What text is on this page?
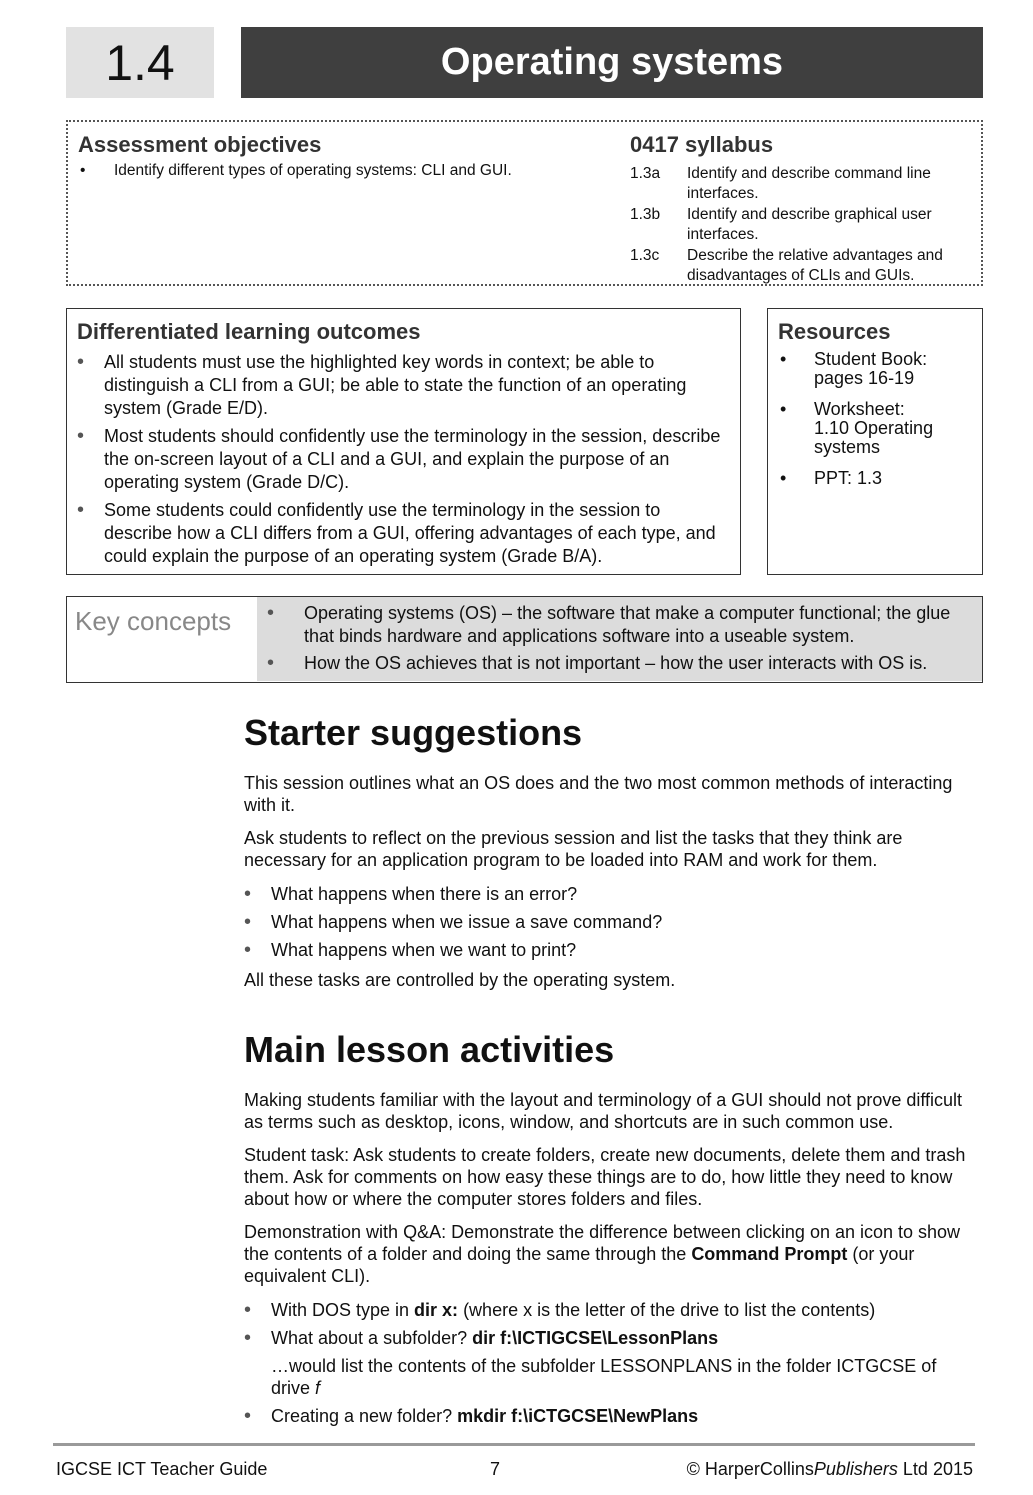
1.4	Operating systems
Assessment objectives
•	Identify different types of operating systems: CLI and GUI.
0417 syllabus
1.3a	Identify and describe command line interfaces.
1.3b	Identify and describe graphical user interfaces.
1.3c	Describe the relative advantages and disadvantages of CLIs and GUIs.
Differentiated learning outcomes
•	All students must use the highlighted key words in context; be able to distinguish a CLI from a GUI; be able to state the function of an operating system (Grade E/D).
•	Most students should confidently use the terminology in the session, describe the on-screen layout of a CLI and a GUI, and explain the purpose of an operating system (Grade D/C).
•	Some students could confidently use the terminology in the session to describe how a CLI differs from a GUI, offering advantages of each type, and could explain the purpose of an operating system (Grade B/A).
Resources
•	Student Book:
pages 16-19
•	Worksheet:
1.10 Operating
systems
•	PPT: 1.3
Key concepts	•	Operating systems (OS) – the software that make a computer functional; the glue that binds hardware and applications software into a useable system.
•	How the OS achieves that is not important – how the user interacts with OS is.
Starter suggestions

This session outlines what an OS does and the two most common methods of interacting with it.

Ask students to reflect on the previous session and list the tasks that they think are necessary for an application program to be loaded into RAM and work for them.

•	What happens when there is an error?
•	What happens when we issue a save command?
•	What happens when we want to print?

All these tasks are controlled by the operating system.

Main lesson activities

Making students familiar with the layout and terminology of a GUI should not prove difficult as terms such as desktop, icons, window, and shortcuts are in such common use.

Student task: Ask students to create folders, create new documents, delete them and trash them. Ask for comments on how easy these things are to do, how little they need to know about how or where the computer stores folders and files.

Demonstration with Q&A: Demonstrate the difference between clicking on an icon to show the contents of a folder and doing the same through the Command Prompt (or your equivalent CLI).

•	With DOS type in dir x: (where x is the letter of the drive to list the contents)
•	What about a subfolder? dir f:\ICTIGCSE\LessonPlans
…would list the contents of the subfolder LESSONPLANS in the folder ICTGCSE of drive f
•	Creating a new folder? mkdir f:\iCTGCSE\NewPlans
IGCSE ICT Teacher Guide	7	© HarperCollinsPublishers Ltd 2015
